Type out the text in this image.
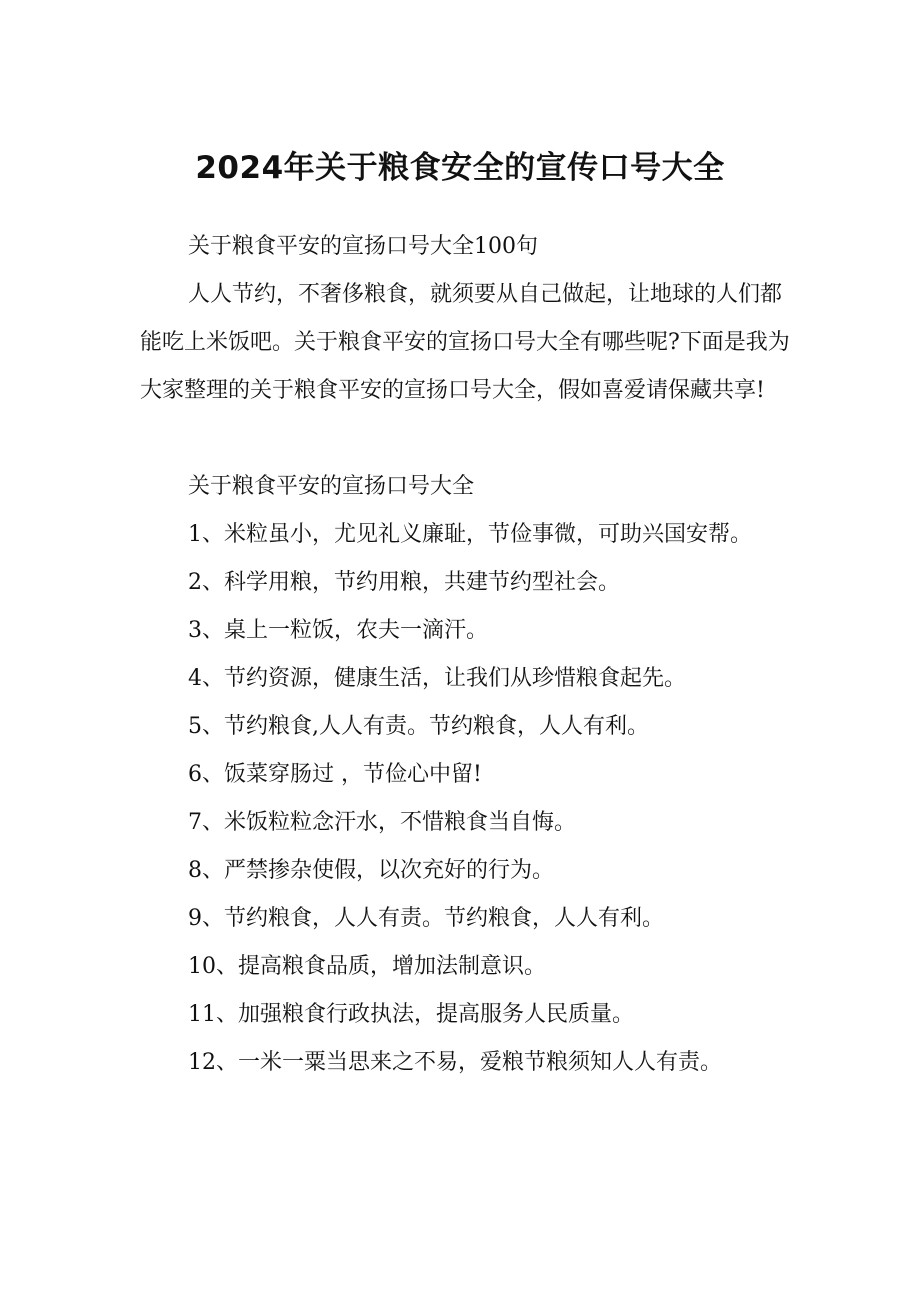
2024年关于粮食安全的宣传口号大全

关于粮食平安的宣扬口号大全100句

人人节约，不奢侈粮食，就须要从自己做起，让地球的人们都能吃上米饭吧。关于粮食平安的宣扬口号大全有哪些呢?下面是我为大家整理的关于粮食平安的宣扬口号大全，假如喜爱请保藏共享!

关于粮食平安的宣扬口号大全

1、米粒虽小，尤见礼义廉耻，节俭事微，可助兴国安帮。

2、科学用粮，节约用粮，共建节约型社会。

3、桌上一粒饭，农夫一滴汗。

4、节约资源，健康生活，让我们从珍惜粮食起先。

5、节约粮食,人人有责。节约粮食，人人有利。

6、饭菜穿肠过 ，节俭心中留!

7、米饭粒粒念汗水，不惜粮食当自悔。

8、严禁掺杂使假，以次充好的行为。

9、节约粮食，人人有责。节约粮食，人人有利。

10、提高粮食品质，增加法制意识。

11、加强粮食行政执法，提高服务人民质量。

12、一米一粟当思来之不易，爱粮节粮须知人人有责。
